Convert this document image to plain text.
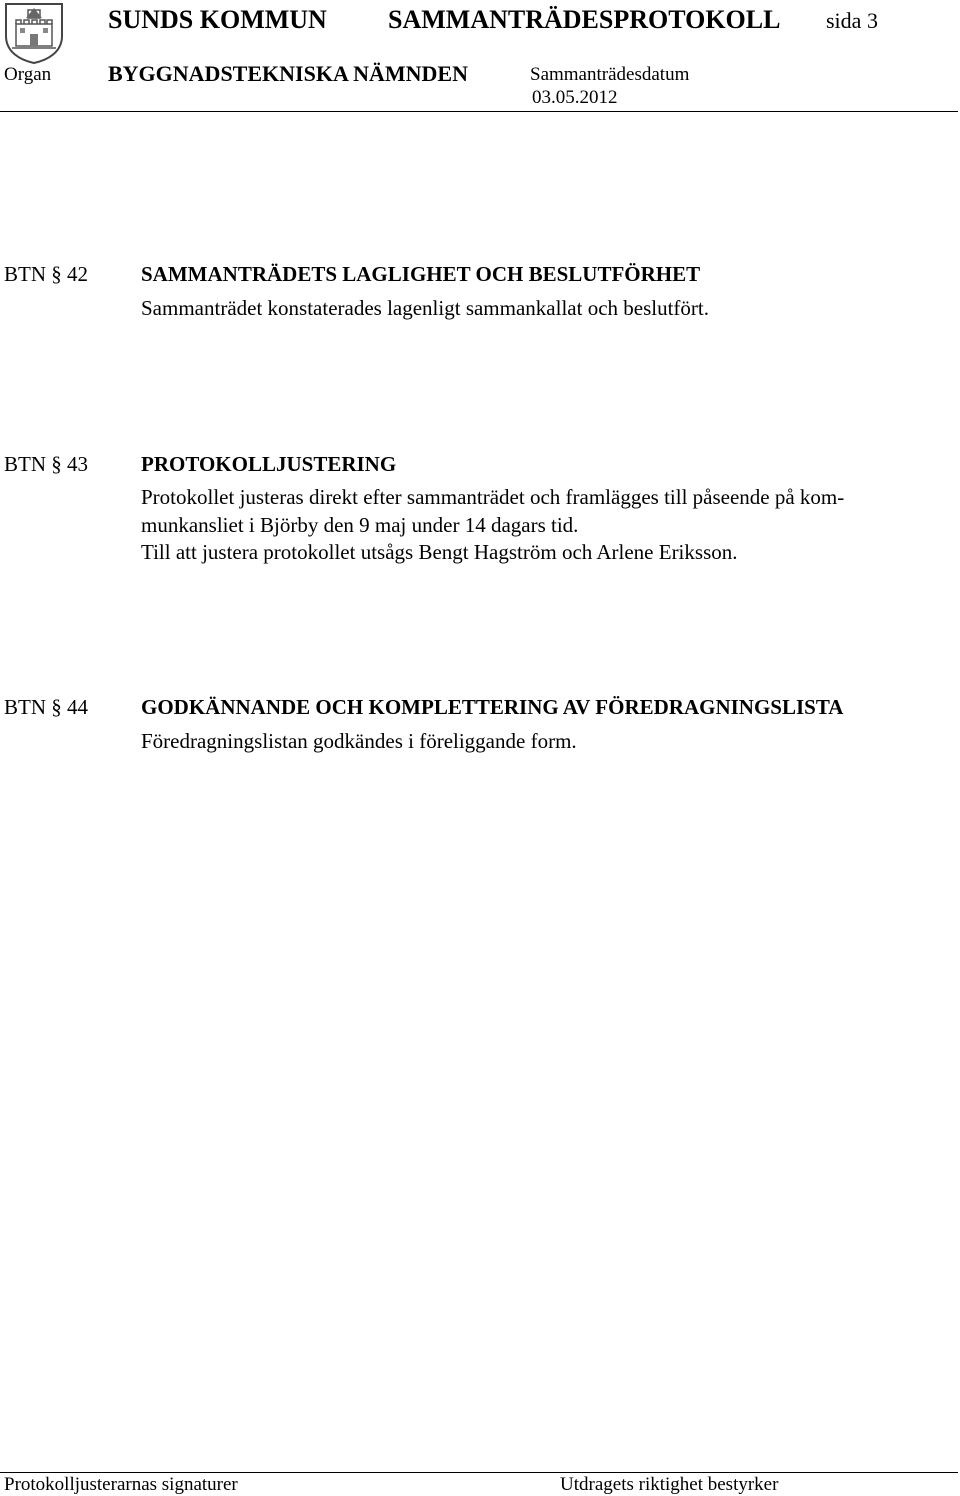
SUNDS KOMMUN SAMMANTRÄDESPROTOKOLL sida 3
Organ	BYGGNADSTEKNISKA NÄMNDEN	Sammanträdesdatum
03.05.2012
BTN § 42	SAMMANTRÄDETS LAGLIGHET OCH BESLUTFÖRHET
Sammanträdet konstaterades lagenligt sammankallat och beslutfört.
BTN § 43	PROTOKOLLJUSTERING
Protokollet justeras direkt efter sammanträdet och framlägges till påseende på kom-
munkansliet i Björby den 9 maj under 14 dagars tid.
Till att justera protokollet utsågs Bengt Hagström och Arlene Eriksson.
BTN § 44	GODKÄNNANDE OCH KOMPLETTERING AV FÖREDRAGNINGSLISTA
Föredragningslistan godkändes i föreliggande form.
Protokolljusterarnas signaturer	Utdragets riktighet bestyrker
